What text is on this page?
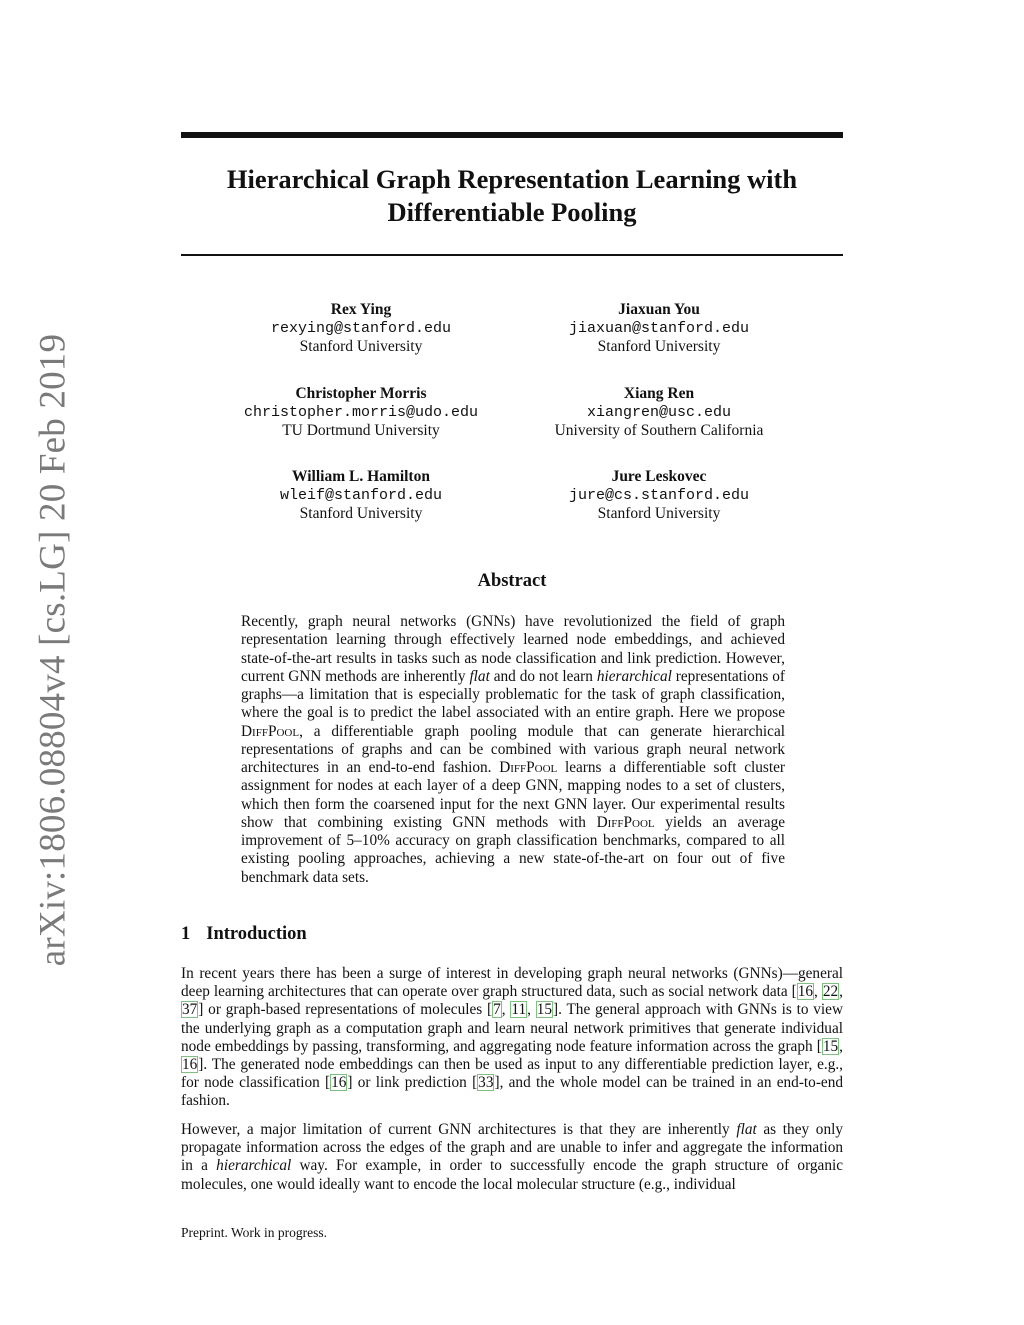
arXiv:1806.08804v4 [cs.LG] 20 Feb 2019
Hierarchical Graph Representation Learning with
Differentiable Pooling
Rex Ying
rexying@stanford.edu
Stanford University
Jiaxuan You
jiaxuan@stanford.edu
Stanford University
Christopher Morris
christopher.morris@udo.edu
TU Dortmund University
Xiang Ren
xiangren@usc.edu
University of Southern California
William L. Hamilton
wleif@stanford.edu
Stanford University
Jure Leskovec
jure@cs.stanford.edu
Stanford University
Abstract

Recently, graph neural networks (GNNs) have revolutionized the field of graph representation learning through effectively learned node embeddings, and achieved state-of-the-art results in tasks such as node classification and link prediction. However, current GNN methods are inherently flat and do not learn hierarchical representations of graphs—a limitation that is especially problematic for the task of graph classification, where the goal is to predict the label associated with an entire graph. Here we propose DiffPool, a differentiable graph pooling module that can generate hierarchical representations of graphs and can be combined with various graph neural network architectures in an end-to-end fashion. DiffPool learns a differentiable soft cluster assignment for nodes at each layer of a deep GNN, mapping nodes to a set of clusters, which then form the coarsened input for the next GNN layer. Our experimental results show that combining existing GNN methods with DiffPool yields an average improvement of 5–10% accuracy on graph classification benchmarks, compared to all existing pooling approaches, achieving a new state-of-the-art on four out of five benchmark data sets.

1 Introduction

In recent years there has been a surge of interest in developing graph neural networks (GNNs)—general deep learning architectures that can operate over graph structured data, such as social network data [16, 22, 37] or graph-based representations of molecules [7, 11, 15]. The general approach with GNNs is to view the underlying graph as a computation graph and learn neural network primitives that generate individual node embeddings by passing, transforming, and aggregating node feature information across the graph [15, 16]. The generated node embeddings can then be used as input to any differentiable prediction layer, e.g., for node classification [16] or link prediction [33], and the whole model can be trained in an end-to-end fashion.

However, a major limitation of current GNN architectures is that they are inherently flat as they only propagate information across the edges of the graph and are unable to infer and aggregate the information in a hierarchical way. For example, in order to successfully encode the graph structure of organic molecules, one would ideally want to encode the local molecular structure (e.g., individual

Preprint. Work in progress.
